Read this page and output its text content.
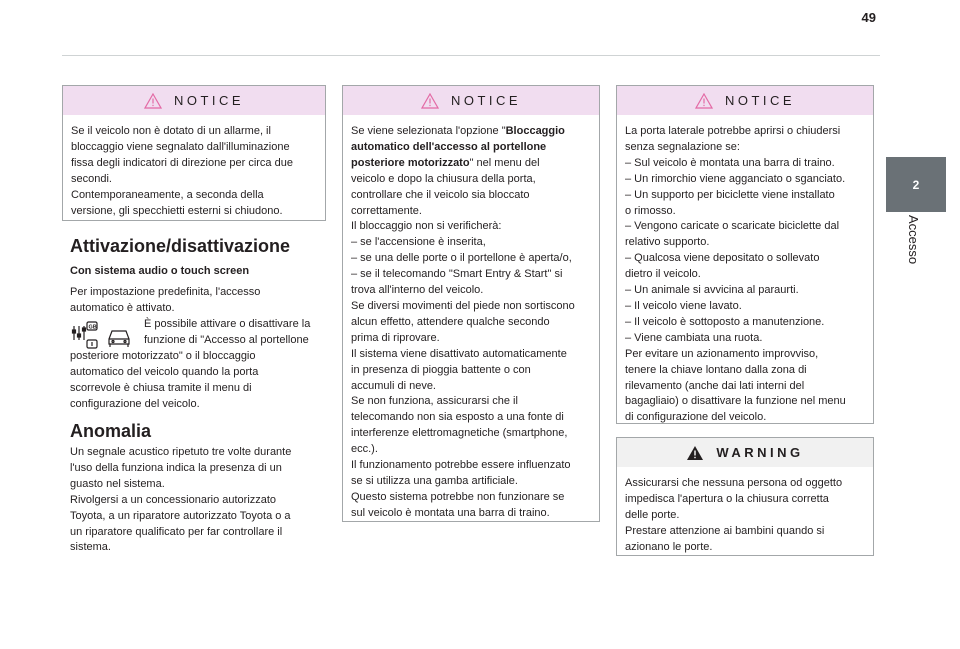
49
2
Accesso
NOTICE

Se il veicolo non è dotato di un allarme, il

bloccaggio viene segnalato dall'illuminazione

fissa degli indicatori di direzione per circa due

secondi.

Contemporaneamente, a seconda della

versione, gli specchietti esterni si chiudono.

Attivazione/disattivazione
Con sistema audio o touch screen

Per impostazione predefinita, l'accesso

automatico è attivato.

GB	È possibile attivare o disattivare la

funzione di "Accesso al portellone

posteriore motorizzato" o il bloccaggio

automatico del veicolo quando la porta

scorrevole è chiusa tramite il menu di

configurazione del veicolo.

Anomalia

Un segnale acustico ripetuto tre volte durante

l'uso della funziona indica la presenza di un

guasto nel sistema.

Rivolgersi a un concessionario autorizzato

Toyota, a un riparatore autorizzato Toyota o a

un riparatore qualificato per far controllare il

sistema.

NOTICE

Se viene selezionata l'opzione "Bloccaggio

automatico dell'accesso al portellone

posteriore motorizzato" nel menu del

veicolo e dopo la chiusura della porta,

controllare che il veicolo sia bloccato

correttamente.

Il bloccaggio non si verificherà:

– se l'accensione è inserita,

– se una delle porte o il portellone è aperta/o,

– se il telecomando "Smart Entry & Start" si

trova all'interno del veicolo.

Se diversi movimenti del piede non sortiscono

alcun effetto, attendere qualche secondo

prima di riprovare.

Il sistema viene disattivato automaticamente

in presenza di pioggia battente o con

accumuli di neve.

Se non funziona, assicurarsi che il

telecomando non sia esposto a una fonte di

interferenze elettromagnetiche (smartphone,

ecc.).

Il funzionamento potrebbe essere influenzato

se si utilizza una gamba artificiale.

Questo sistema potrebbe non funzionare se

sul veicolo è montata una barra di traino.

NOTICE

La porta laterale potrebbe aprirsi o chiudersi

senza segnalazione se:

– Sul veicolo è montata una barra di traino.

– Un rimorchio viene agganciato o sganciato.

– Un supporto per biciclette viene installato

o rimosso.

– Vengono caricate o scaricate biciclette dal

relativo supporto.

– Qualcosa viene depositato o sollevato

dietro il veicolo.

– Un animale si avvicina al paraurti.

– Il veicolo viene lavato.

– Il veicolo è sottoposto a manutenzione.

– Viene cambiata una ruota.

Per evitare un azionamento improvviso,

tenere la chiave lontano dalla zona di

rilevamento (anche dai lati interni del

bagagliaio) o disattivare la funzione nel menu

di configurazione del veicolo.

WARNING

Assicurarsi che nessuna persona od oggetto

impedisca l'apertura o la chiusura corretta

delle porte.

Prestare attenzione ai bambini quando si

azionano le porte.
